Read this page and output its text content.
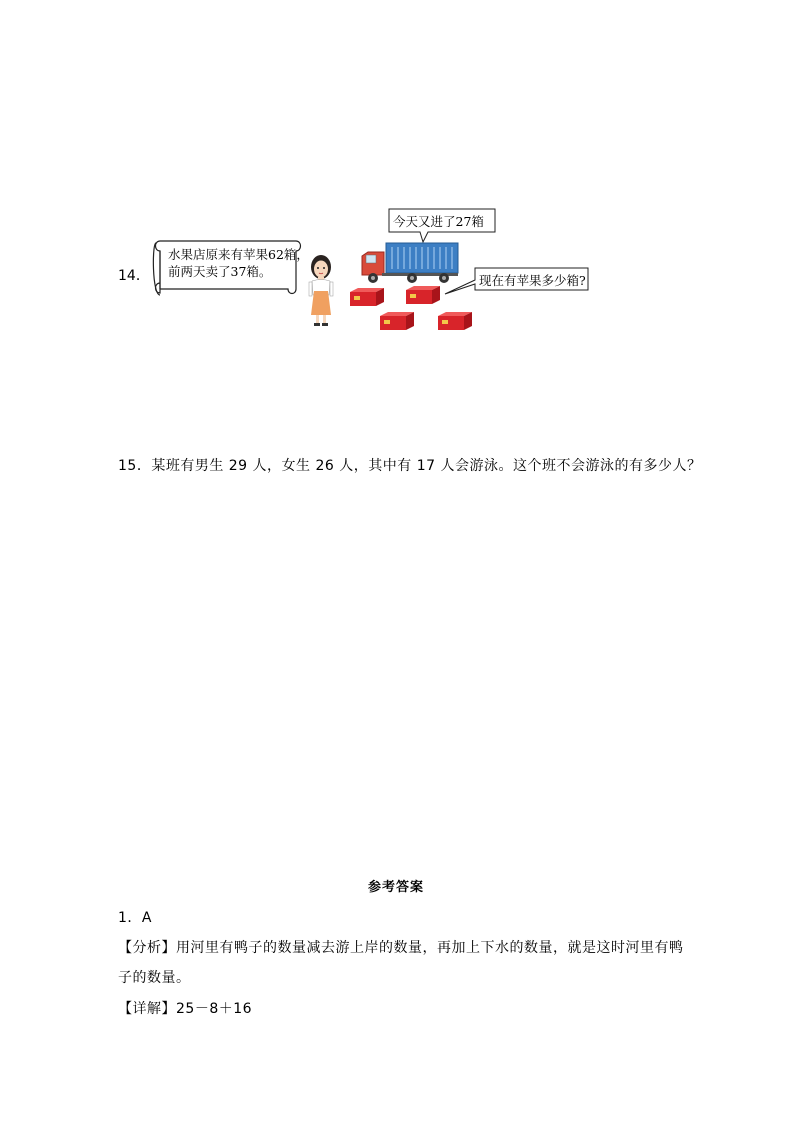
14．
水果店原来有苹果62箱，
前两天卖了37箱。
今天又进了27箱
现在有苹果多少箱?
15．某班有男生 29 人，女生 26 人，其中有 17 人会游泳。这个班不会游泳的有多少人？
参考答案
1．A
【分析】用河里有鸭子的数量减去游上岸的数量，再加上下水的数量，就是这时河里有鸭
子的数量。
【详解】25－8＋16
